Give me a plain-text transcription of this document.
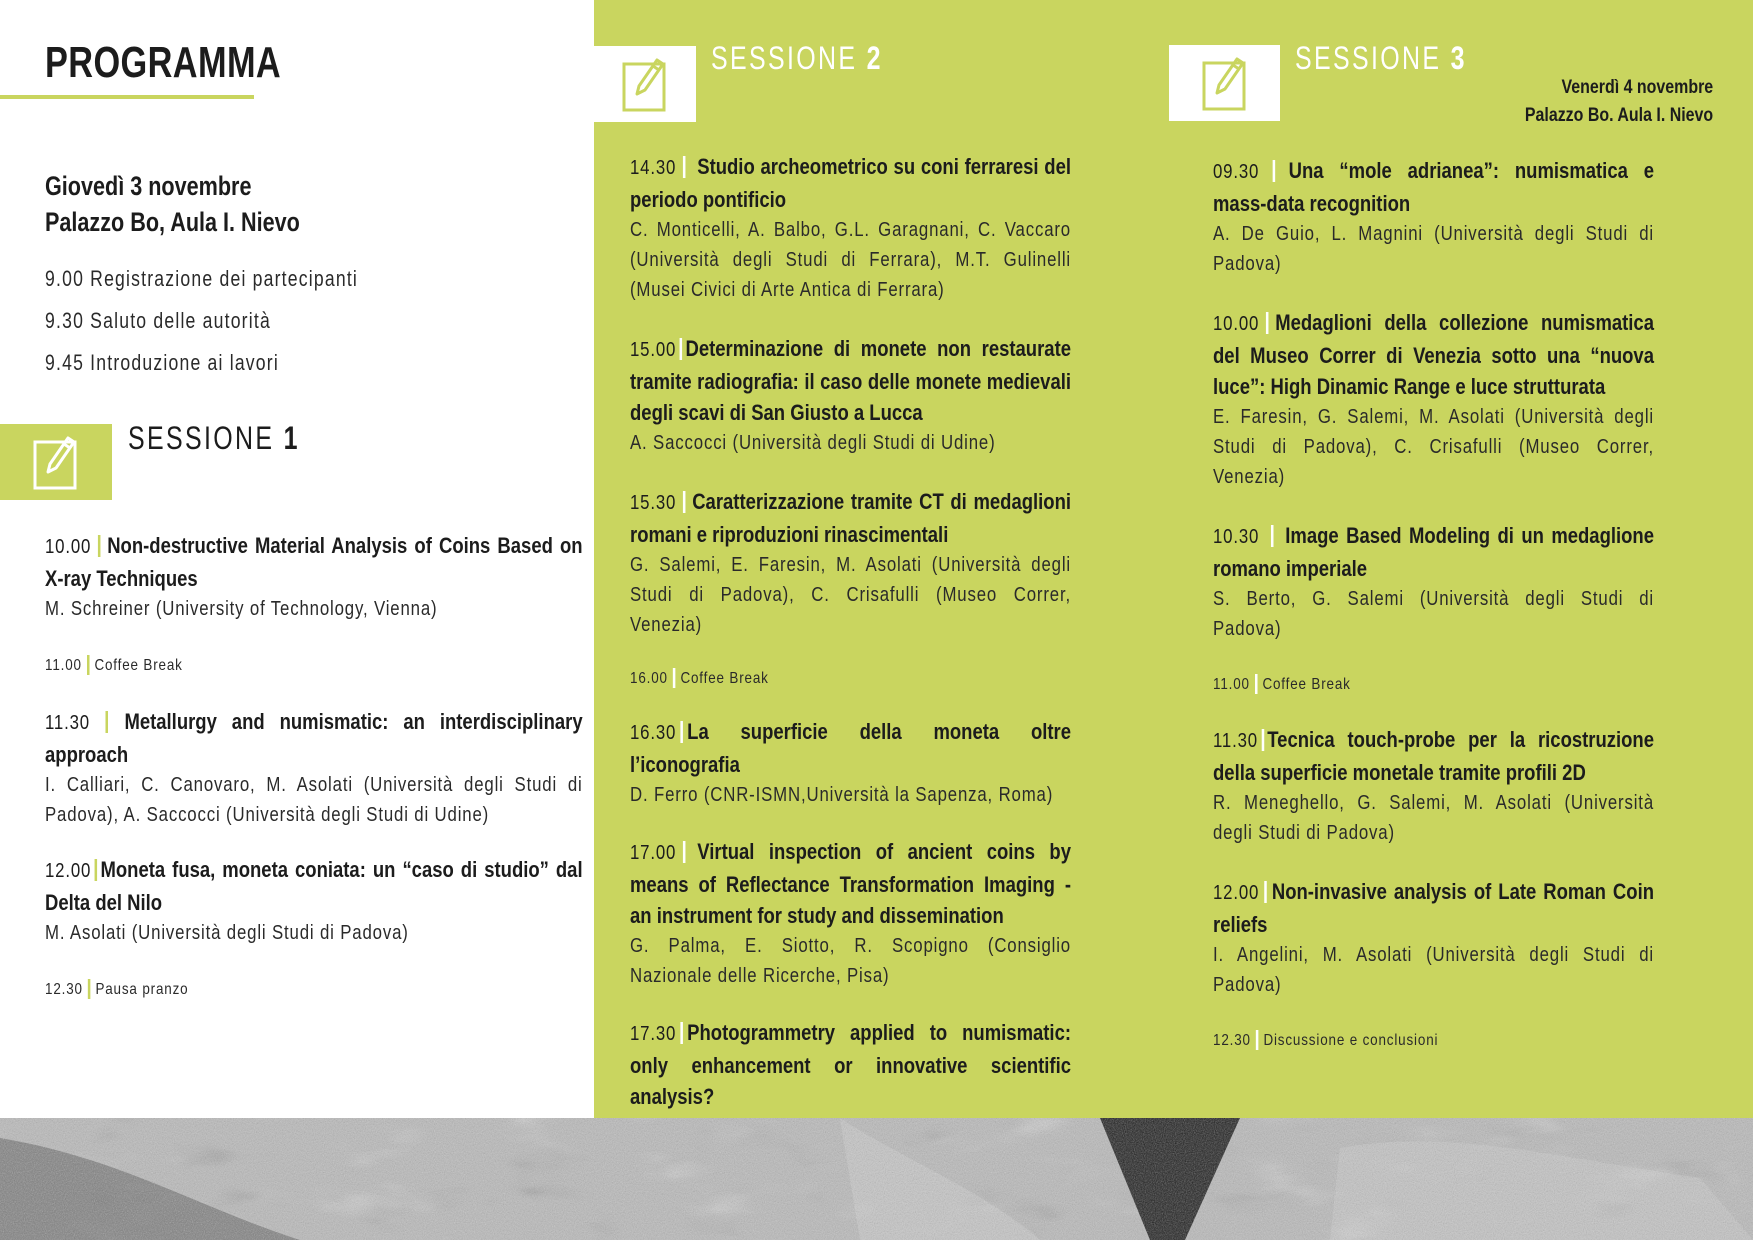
PROGRAMMA
Giovedì 3 novembre
Palazzo Bo, Aula I. Nievo
9.00 Registrazione dei partecipanti
9.30 Saluto delle autorità
9.45 Introduzione ai lavori
SESSIONE 1
10.00 Non-destructive Material Analysis of Coins Based on X-ray Techniques
M. Schreiner (University of Technology, Vienna)
11.00 Coffee Break
11.30 Metallurgy and numismatic: an interdisciplinary approach
I. Calliari, C. Canovaro, M. Asolati (Università degli Studi di Padova), A. Saccocci (Università degli Studi di Udine)
12.00 Moneta fusa, moneta coniata: un “caso di studio” dal Delta del Nilo
M. Asolati (Università degli Studi di Padova)
12.30 Pausa pranzo
SESSIONE 2
14.30 Studio archeometrico su coni ferraresi del periodo pontificio
C. Monticelli, A. Balbo, G.L. Garagnani, C. Vaccaro (Università degli Studi di Ferrara), M.T. Gulinelli (Musei Civici di Arte Antica di Ferrara)
15.00 Determinazione di monete non restaurate tramite radiografia: il caso delle monete medievali degli scavi di San Giusto a Lucca
A. Saccocci (Università degli Studi di Udine)
15.30 Caratterizzazione tramite CT di medaglioni romani e riproduzioni rinascimentali
G. Salemi, E. Faresin, M. Asolati (Università degli Studi di Padova), C. Crisafulli (Museo Correr, Venezia)
16.00 Coffee Break
16.30 La superficie della moneta oltre l’iconografia
D. Ferro (CNR-ISMN,Università la Sapenza, Roma)
17.00 Virtual inspection of ancient coins by means of Reflectance Transformation Imaging - an instrument for study and dissemination
G. Palma, E. Siotto, R. Scopigno (Consiglio Nazionale delle Ricerche, Pisa)
17.30 Photogrammetry applied to numismatic: only enhancement or innovative scientific analysis?
SESSIONE 3
Venerdì 4 novembre
Palazzo Bo. Aula I. Nievo
09.30 Una “mole adrianea”: numismatica e mass-data recognition
A. De Guio, L. Magnini (Università degli Studi di Padova)
10.00 Medaglioni della collezione numismatica del Museo Correr di Venezia sotto una “nuova luce”: High Dinamic Range e luce strutturata
E. Faresin, G. Salemi, M. Asolati (Università degli Studi di Padova), C. Crisafulli (Museo Correr, Venezia)
10.30 Image Based Modeling di un medaglione romano imperiale
S. Berto, G. Salemi (Università degli Studi di Padova)
11.00 Coffee Break
11.30 Tecnica touch-probe per la ricostruzione della superficie monetale tramite profili 2D
R. Meneghello, G. Salemi, M. Asolati (Università degli Studi di Padova)
12.00 Non-invasive analysis of Late Roman Coin reliefs
I. Angelini, M. Asolati (Università degli Studi di Padova)
12.30 Discussione e conclusioni
